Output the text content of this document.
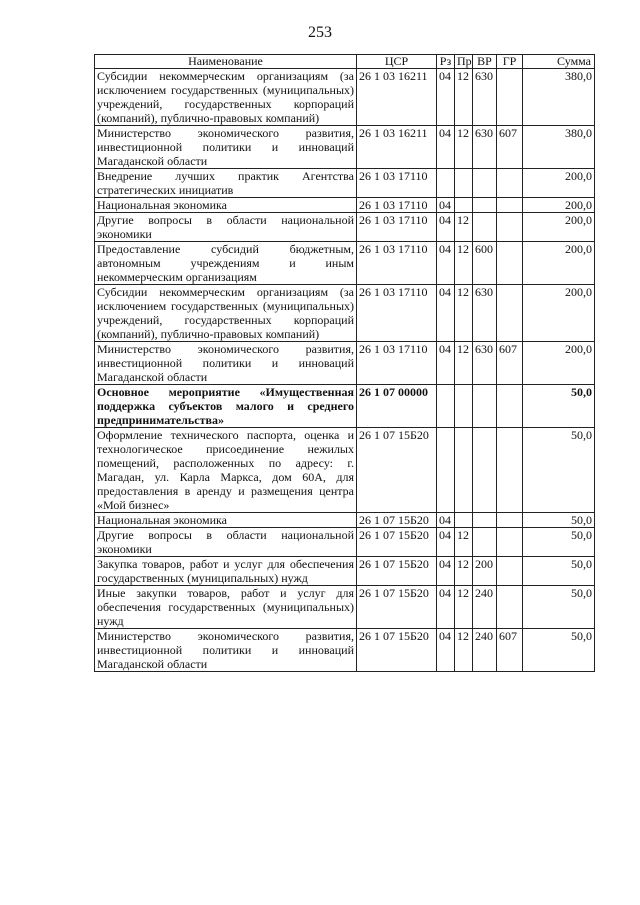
253
Наименование	ЦСР	Рз	Пр	ВР	ГР	Сумма
Субсидии некоммерческим организациям (за исключением государственных (муниципальных) учреждений, государственных корпораций (компаний), публично-правовых компаний)	26 1 03 16211	04	12	630		380,0
Министерство экономического развития, инвестиционной политики и инноваций Магаданской области	26 1 03 16211	04	12	630	607	380,0
Внедрение лучших практик Агентства стратегических инициатив	26 1 03 17110					200,0
Национальная экономика	26 1 03 17110	04				200,0
Другие вопросы в области национальной экономики	26 1 03 17110	04	12			200,0
Предоставление субсидий бюджетным, автономным учреждениям и иным некоммерческим организациям	26 1 03 17110	04	12	600		200,0
Субсидии некоммерческим организациям (за исключением государственных (муниципальных) учреждений, государственных корпораций (компаний), публично-правовых компаний)	26 1 03 17110	04	12	630		200,0
Министерство экономического развития, инвестиционной политики и инноваций Магаданской области	26 1 03 17110	04	12	630	607	200,0
Основное мероприятие «Имущественная поддержка субъектов малого и среднего предпринимательства»	26 1 07 00000					50,0
Оформление технического паспорта, оценка и технологическое присоединение нежилых помещений, расположенных по адресу: г. Магадан, ул. Карла Маркса, дом 60А, для предоставления в аренду и размещения центра «Мой бизнес»	26 1 07 15Б20					50,0
Национальная экономика	26 1 07 15Б20	04				50,0
Другие вопросы в области национальной экономики	26 1 07 15Б20	04	12			50,0
Закупка товаров, работ и услуг для обеспечения государственных (муниципальных) нужд	26 1 07 15Б20	04	12	200		50,0
Иные закупки товаров, работ и услуг для обеспечения государственных (муниципальных) нужд	26 1 07 15Б20	04	12	240		50,0
Министерство экономического развития, инвестиционной политики и инноваций Магаданской области	26 1 07 15Б20	04	12	240	607	50,0
